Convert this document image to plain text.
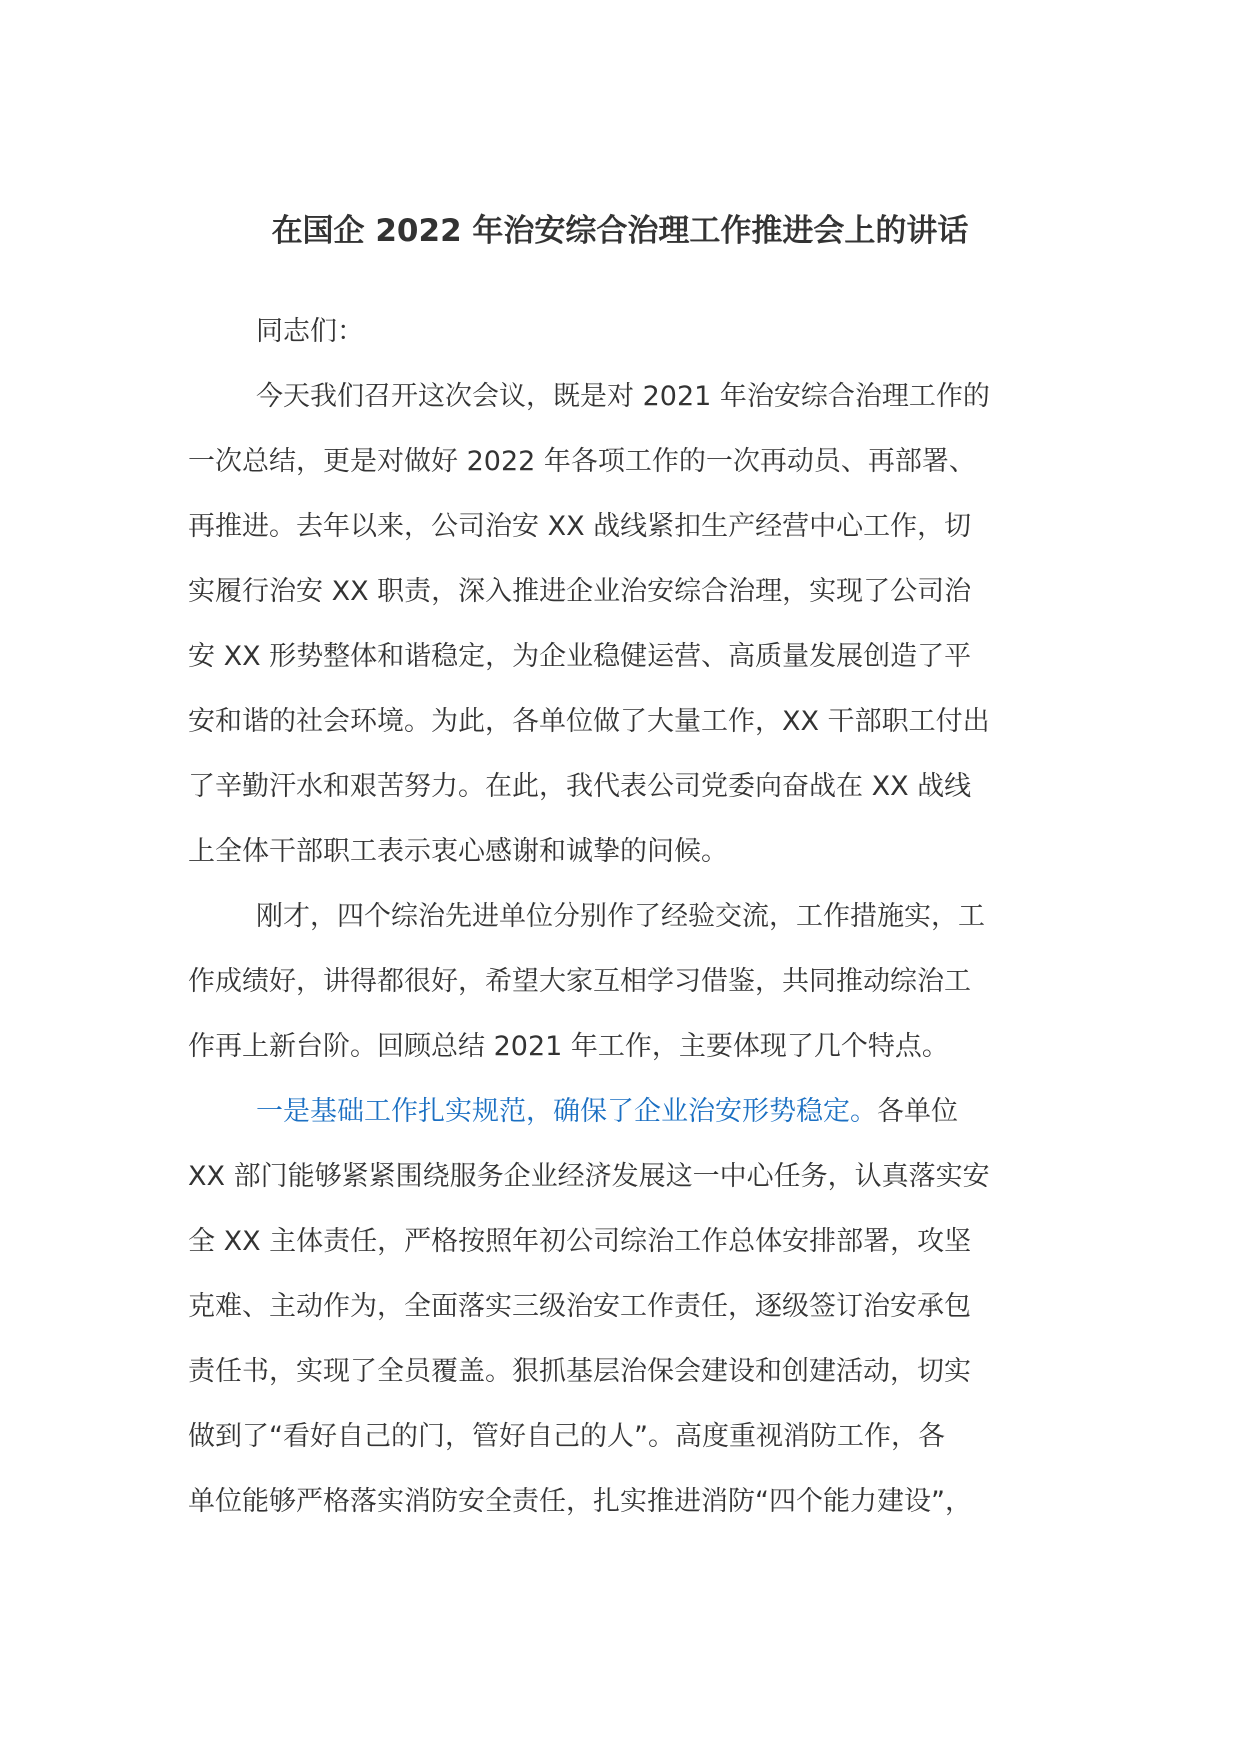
在国企 2022 年治安综合治理工作推进会上的讲话
同志们：
今天我们召开这次会议，既是对 2021 年治安综合治理工作的
一次总结，更是对做好 2022 年各项工作的一次再动员、再部署、
再推进。去年以来，公司治安 XX 战线紧扣生产经营中心工作，切
实履行治安 XX 职责，深入推进企业治安综合治理，实现了公司治
安 XX 形势整体和谐稳定，为企业稳健运营、高质量发展创造了平
安和谐的社会环境。为此，各单位做了大量工作，XX 干部职工付出
了辛勤汗水和艰苦努力。在此，我代表公司党委向奋战在 XX 战线
上全体干部职工表示衷心感谢和诚挚的问候。
刚才，四个综治先进单位分别作了经验交流，工作措施实，工
作成绩好，讲得都很好，希望大家互相学习借鉴，共同推动综治工
作再上新台阶。回顾总结 2021 年工作，主要体现了几个特点。
一是基础工作扎实规范，确保了企业治安形势稳定。各单位
XX 部门能够紧紧围绕服务企业经济发展这一中心任务，认真落实安
全 XX 主体责任，严格按照年初公司综治工作总体安排部署，攻坚
克难、主动作为，全面落实三级治安工作责任，逐级签订治安承包
责任书，实现了全员覆盖。狠抓基层治保会建设和创建活动，切实
做到了“看好自己的门，管好自己的人”。高度重视消防工作，各
单位能够严格落实消防安全责任，扎实推进消防“四个能力建设”，
